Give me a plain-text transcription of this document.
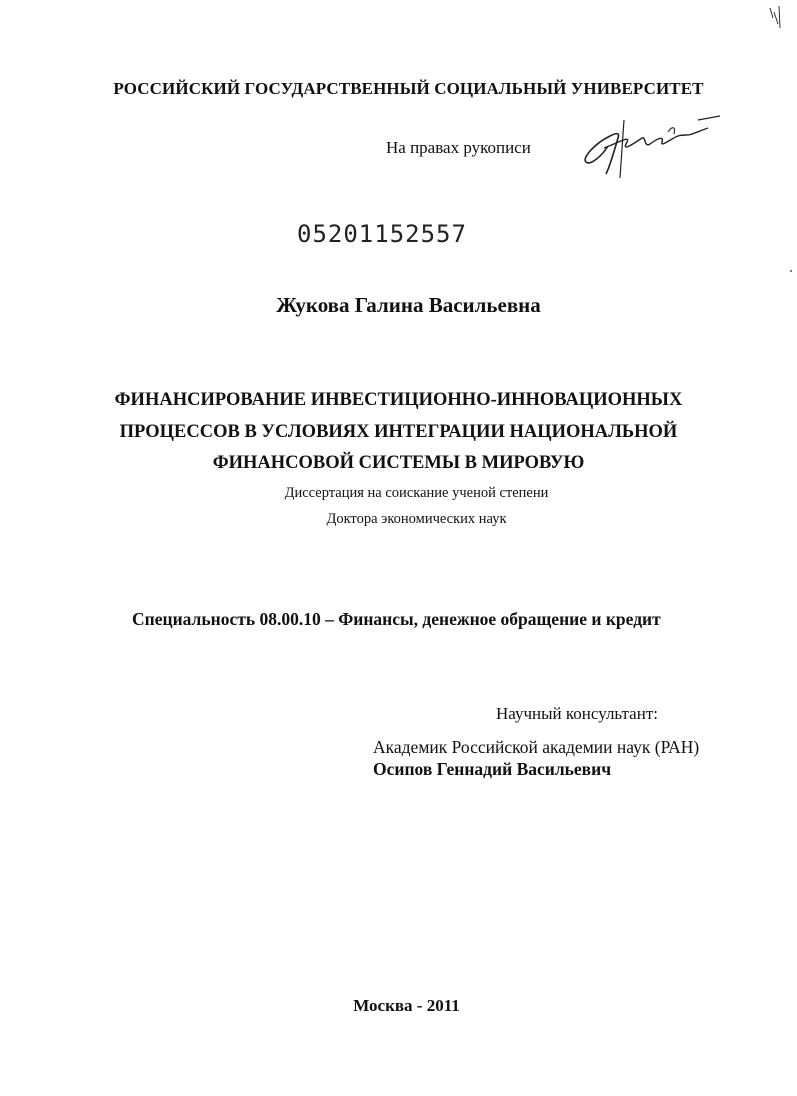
РОССИЙСКИЙ ГОСУДАРСТВЕННЫЙ СОЦИАЛЬНЫЙ УНИВЕРСИТЕТ
На правах рукописи
05201152557
Жукова Галина Васильевна
ФИНАНСИРОВАНИЕ ИНВЕСТИЦИОННО-ИННОВАЦИОННЫХ
ПРОЦЕССОВ В УСЛОВИЯХ ИНТЕГРАЦИИ НАЦИОНАЛЬНОЙ
ФИНАНСОВОЙ СИСТЕМЫ В МИРОВУЮ
Диссертация на соискание ученой степени
Доктора экономических наук
Специальность 08.00.10 – Финансы, денежное обращение и кредит
Научный консультант:
Академик Российской академии наук (РАН)
Осипов Геннадий Васильевич
Москва - 2011
